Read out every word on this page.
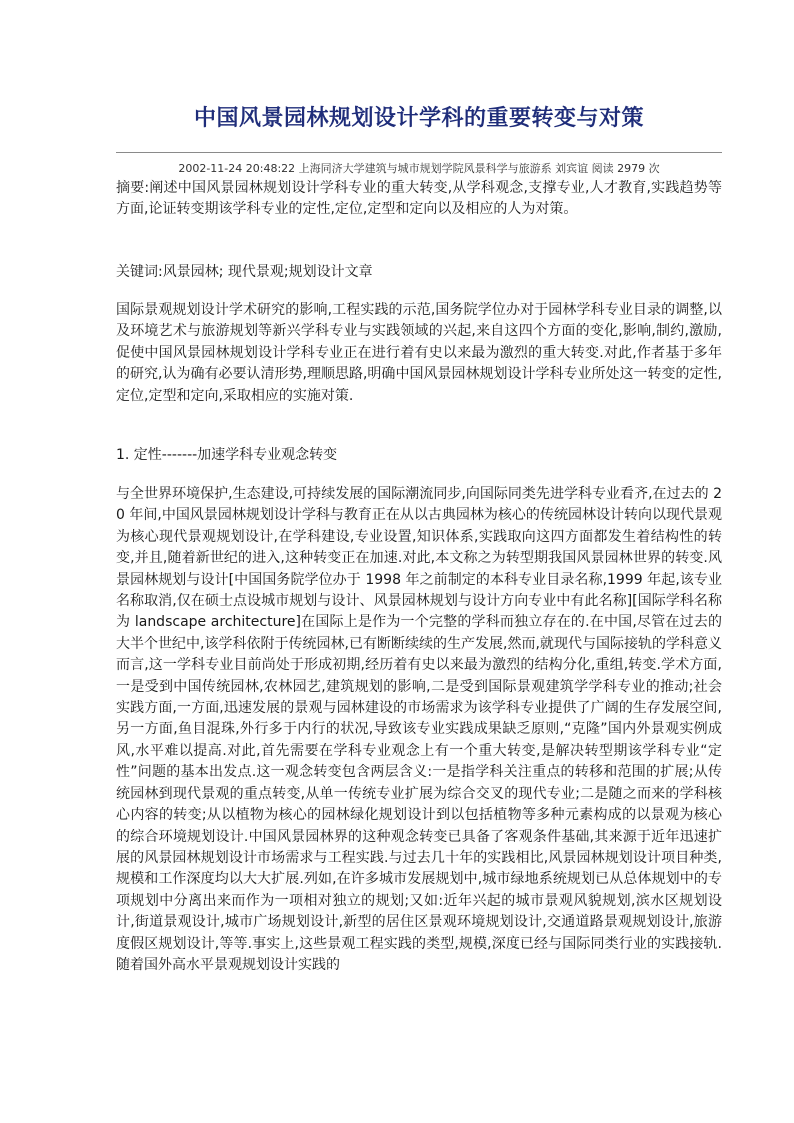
中国风景园林规划设计学科的重要转变与对策
2002-11-24 20:48:22 上海同济大学建筑与城市规划学院风景科学与旅游系 刘宾谊 阅读 2979 次
摘要:阐述中国风景园林规划设计学科专业的重大转变,从学科观念,支撑专业,人才教育,实践趋势等方面,论证转变期该学科专业的定性,定位,定型和定向以及相应的人为对策。
关键词:风景园林; 现代景观;规划设计文章
国际景观规划设计学术研究的影响,工程实践的示范,国务院学位办对于园林学科专业目录的调整,以及环境艺术与旅游规划等新兴学科专业与实践领域的兴起,来自这四个方面的变化,影响,制约,激励,促使中国风景园林规划设计学科专业正在进行着有史以来最为激烈的重大转变.对此,作者基于多年的研究,认为确有必要认清形势,理顺思路,明确中国风景园林规划设计学科专业所处这一转变的定性,定位,定型和定向,采取相应的实施对策.
1. 定性-------加速学科专业观念转变
与全世界环境保护,生态建设,可持续发展的国际潮流同步,向国际同类先进学科专业看齐,在过去的 20 年间,中国风景园林规划设计学科与教育正在从以古典园林为核心的传统园林设计转向以现代景观为核心现代景观规划设计,在学科建设,专业设置,知识体系,实践取向这四方面都发生着结构性的转变,并且,随着新世纪的进入,这种转变正在加速.对此,本文称之为转型期我国风景园林世界的转变.风景园林规划与设计[中国国务院学位办于 1998 年之前制定的本科专业目录名称,1999 年起,该专业名称取消,仅在硕士点设城市规划与设计、风景园林规划与设计方向专业中有此名称][国际学科名称为 landscape architecture]在国际上是作为一个完整的学科而独立存在的.在中国,尽管在过去的大半个世纪中,该学科依附于传统园林,已有断断续续的生产发展,然而,就现代与国际接轨的学科意义而言,这一学科专业目前尚处于形成初期,经历着有史以来最为激烈的结构分化,重组,转变.学术方面,一是受到中国传统园林,农林园艺,建筑规划的影响,二是受到国际景观建筑学学科专业的推动;社会实践方面,一方面,迅速发展的景观与园林建设的市场需求为该学科专业提供了广阔的生存发展空间,另一方面,鱼目混珠,外行多于内行的状况,导致该专业实践成果缺乏原则,“克隆”国内外景观实例成风,水平难以提高.对此,首先需要在学科专业观念上有一个重大转变,是解决转型期该学科专业“定性”问题的基本出发点.这一观念转变包含两层含义:一是指学科关注重点的转移和范围的扩展;从传统园林到现代景观的重点转变,从单一传统专业扩展为综合交叉的现代专业;二是随之而来的学科核心内容的转变;从以植物为核心的园林绿化规划设计到以包括植物等多种元素构成的以景观为核心的综合环境规划设计.中国风景园林界的这种观念转变已具备了客观条件基础,其来源于近年迅速扩展的风景园林规划设计市场需求与工程实践.与过去几十年的实践相比,风景园林规划设计项目种类,规模和工作深度均以大大扩展.列如,在许多城市发展规划中,城市绿地系统规划已从总体规划中的专项规划中分离出来而作为一项相对独立的规划;又如:近年兴起的城市景观风貌规划,滨水区规划设计,街道景观设计,城市广场规划设计,新型的居住区景观环境规划设计,交通道路景观规划设计,旅游度假区规划设计,等等.事实上,这些景观工程实践的类型,规模,深度已经与国际同类行业的实践接轨.随着国外高水平景观规划设计实践的
